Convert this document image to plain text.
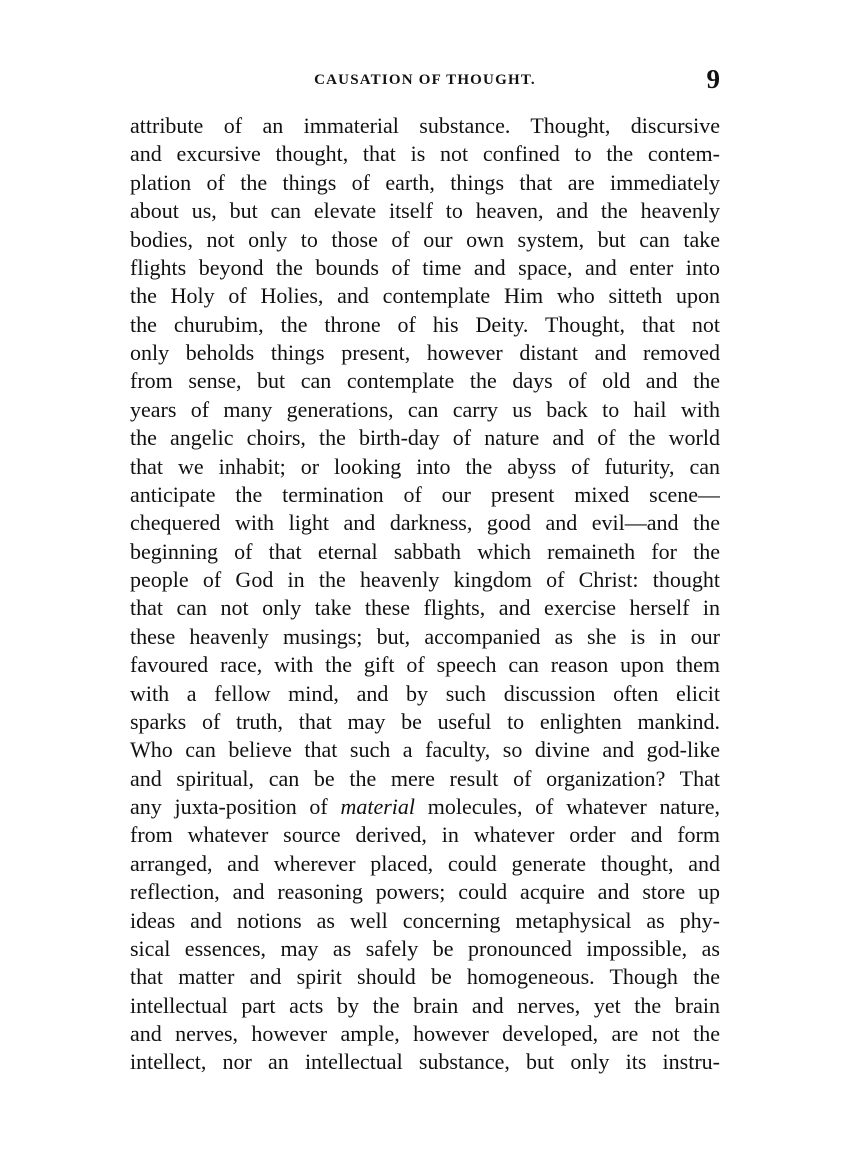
CAUSATION OF THOUGHT.	9
attribute of an immaterial substance. Thought, discursive
and excursive thought, that is not confined to the contem-
plation of the things of earth, things that are immediately
about us, but can elevate itself to heaven, and the heavenly
bodies, not only to those of our own system, but can take
flights beyond the bounds of time and space, and enter into
the Holy of Holies, and contemplate Him who sitteth upon
the churubim, the throne of his Deity. Thought, that not
only beholds things present, however distant and removed
from sense, but can contemplate the days of old and the
years of many generations, can carry us back to hail with
the angelic choirs, the birth-day of nature and of the world
that we inhabit; or looking into the abyss of futurity, can
anticipate the termination of our present mixed scene—
chequered with light and darkness, good and evil—and the
beginning of that eternal sabbath which remaineth for the
people of God in the heavenly kingdom of Christ: thought
that can not only take these flights, and exercise herself in
these heavenly musings; but, accompanied as she is in our
favoured race, with the gift of speech can reason upon them
with a fellow mind, and by such discussion often elicit
sparks of truth, that may be useful to enlighten mankind.
Who can believe that such a faculty, so divine and god-like
and spiritual, can be the mere result of organization? That
any juxta-position of material molecules, of whatever nature,
from whatever source derived, in whatever order and form
arranged, and wherever placed, could generate thought, and
reflection, and reasoning powers; could acquire and store up
ideas and notions as well concerning metaphysical as phy-
sical essences, may as safely be pronounced impossible, as
that matter and spirit should be homogeneous. Though the
intellectual part acts by the brain and nerves, yet the brain
and nerves, however ample, however developed, are not the
intellect, nor an intellectual substance, but only its instru-
